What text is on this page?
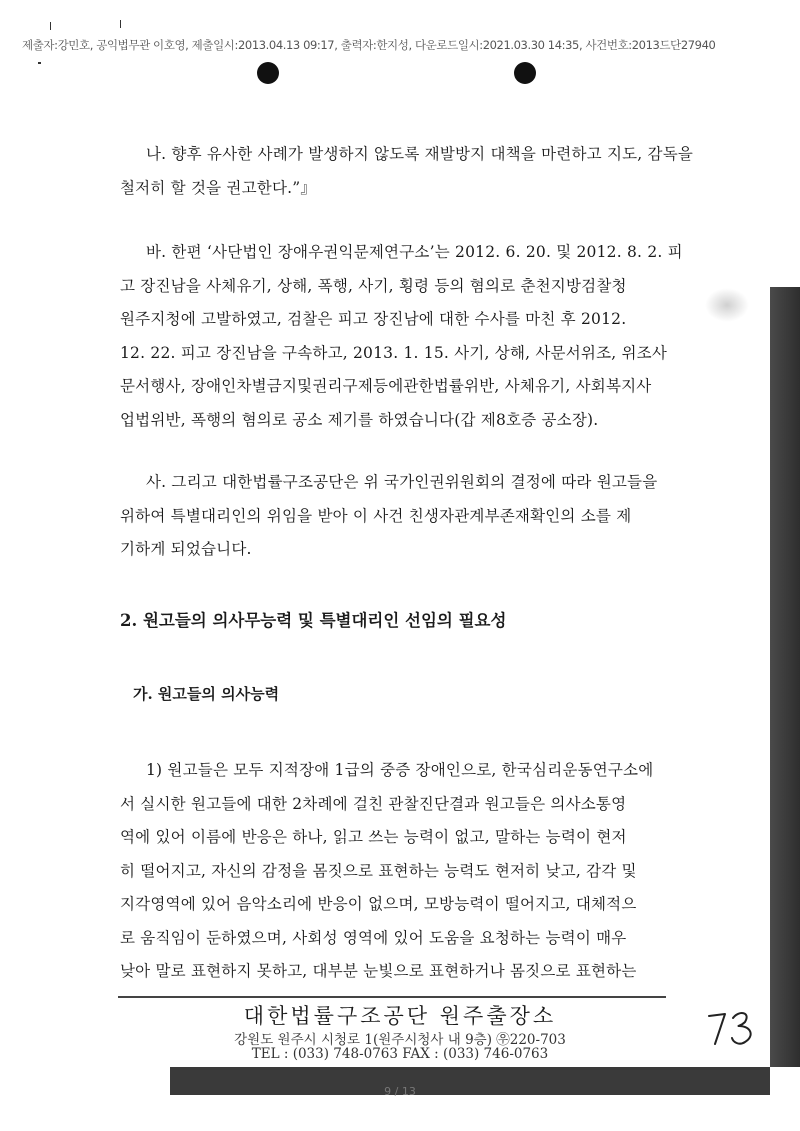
제출자:강민호, 공익법무관 이호영, 제출일시:2013.04.13 09:17, 출력자:한지성, 다운로드일시:2021.03.30 14:35, 사건번호:2013드단27940
나. 향후 유사한 사례가 발생하지 않도록 재발방지 대책을 마련하고 지도, 감독을
철저히 할 것을 권고한다.”』
바. 한편 ‘사단법인 장애우권익문제연구소’는 2012. 6. 20. 및 2012. 8. 2. 피
고 장진남을 사체유기, 상해, 폭행, 사기, 횡령 등의 혐의로 춘천지방검찰청
원주지청에 고발하였고, 검찰은 피고 장진남에 대한 수사를 마친 후 2012.
12. 22. 피고 장진남을 구속하고, 2013. 1. 15. 사기, 상해, 사문서위조, 위조사
문서행사, 장애인차별금지및권리구제등에관한법률위반, 사체유기, 사회복지사
업법위반, 폭행의 혐의로 공소 제기를 하였습니다(갑 제8호증 공소장).
사. 그리고 대한법률구조공단은 위 국가인권위원회의 결정에 따라 원고들을
위하여 특별대리인의 위임을 받아 이 사건 친생자관계부존재확인의 소를 제
기하게 되었습니다.
2. 원고들의 의사무능력 및 특별대리인 선임의 필요성
가. 원고들의 의사능력
1) 원고들은 모두 지적장애 1급의 중증 장애인으로, 한국심리운동연구소에
서 실시한 원고들에 대한 2차례에 걸친 관찰진단결과 원고들은 의사소통영
역에 있어 이름에 반응은 하나, 읽고 쓰는 능력이 없고, 말하는 능력이 현저
히 떨어지고, 자신의 감정을 몸짓으로 표현하는 능력도 현저히 낮고, 감각 및
지각영역에 있어 음악소리에 반응이 없으며, 모방능력이 떨어지고, 대체적으
로 움직임이 둔하였으며, 사회성 영역에 있어 도움을 요청하는 능력이 매우
낮아 말로 표현하지 못하고, 대부분 눈빛으로 표현하거나 몸짓으로 표현하는
대한법률구조공단 원주출장소
강원도 원주시 시청로 1(원주시청사 내 9층) ㉾220-703
TEL : (033) 748-0763 FAX : (033) 746-0763
9 / 13
